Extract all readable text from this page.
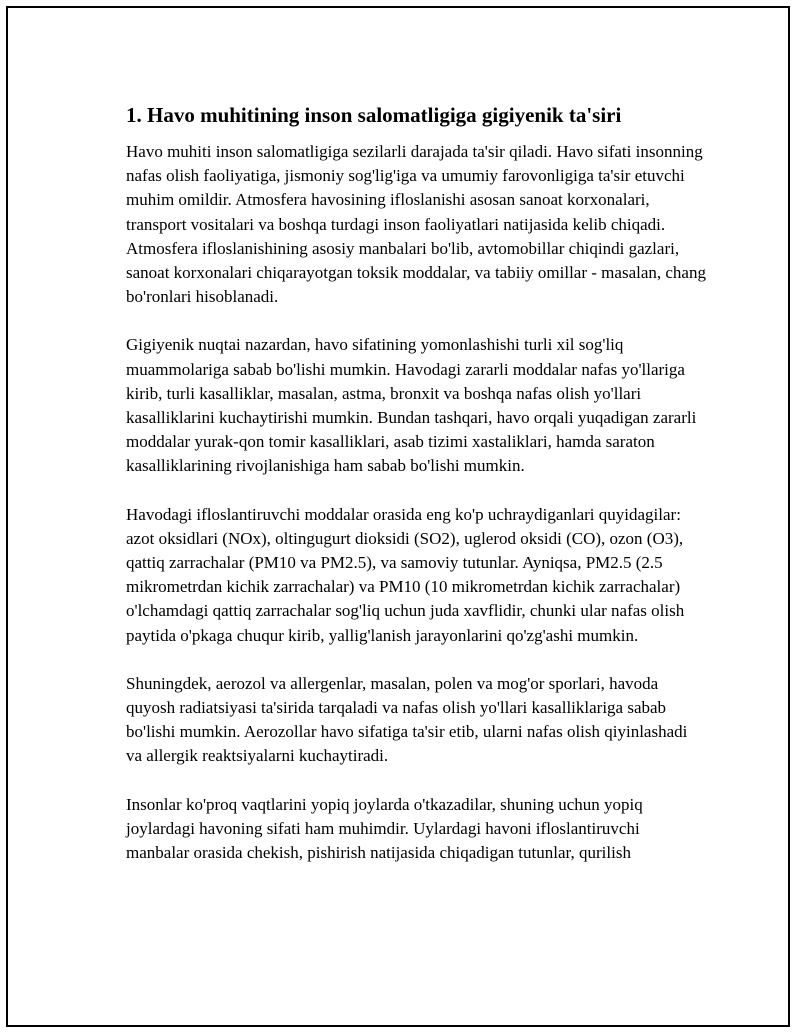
1. Havo muhitining inson salomatligiga gigiyenik ta'siri

Havo muhiti inson salomatligiga sezilarli darajada ta'sir qiladi. Havo sifati insonning nafas olish faoliyatiga, jismoniy sog'lig'iga va umumiy farovonligiga ta'sir etuvchi muhim omildir. Atmosfera havosining ifloslanishi asosan sanoat korxonalari, transport vositalari va boshqa turdagi inson faoliyatlari natijasida kelib chiqadi. Atmosfera ifloslanishining asosiy manbalari bo'lib, avtomobillar chiqindi gazlari, sanoat korxonalari chiqarayotgan toksik moddalar, va tabiiy omillar - masalan, chang bo'ronlari hisoblanadi.

Gigiyenik nuqtai nazardan, havo sifatining yomonlashishi turli xil sog'liq muammolariga sabab bo'lishi mumkin. Havodagi zararli moddalar nafas yo'llariga kirib, turli kasalliklar, masalan, astma, bronxit va boshqa nafas olish yo'llari kasalliklarini kuchaytirishi mumkin. Bundan tashqari, havo orqali yuqadigan zararli moddalar yurak-qon tomir kasalliklari, asab tizimi xastaliklari, hamda saraton kasalliklarining rivojlanishiga ham sabab bo'lishi mumkin.

Havodagi ifloslantiruvchi moddalar orasida eng ko'p uchraydiganlari quyidagilar: azot oksidlari (NOx), oltingugurt dioksidi (SO2), uglerod oksidi (CO), ozon (O3), qattiq zarrachalar (PM10 va PM2.5), va samoviy tutunlar. Ayniqsa, PM2.5 (2.5 mikrometrdan kichik zarrachalar) va PM10 (10 mikrometrdan kichik zarrachalar) o'lchamdagi qattiq zarrachalar sog'liq uchun juda xavflidir, chunki ular nafas olish paytida o'pkaga chuqur kirib, yallig'lanish jarayonlarini qo'zg'ashi mumkin.

Shuningdek, aerozol va allergenlar, masalan, polen va mog'or sporlari, havoda quyosh radiatsiyasi ta'sirida tarqaladi va nafas olish yo'llari kasalliklariga sabab bo'lishi mumkin. Aerozollar havo sifatiga ta'sir etib, ularni nafas olish qiyinlashadi va allergik reaktsiyalarni kuchaytiradi.

Insonlar ko'proq vaqtlarini yopiq joylarda o'tkazadilar, shuning uchun yopiq joylardagi havoning sifati ham muhimdir. Uylardagi havoni ifloslantiruvchi manbalar orasida chekish, pishirish natijasida chiqadigan tutunlar, qurilish
